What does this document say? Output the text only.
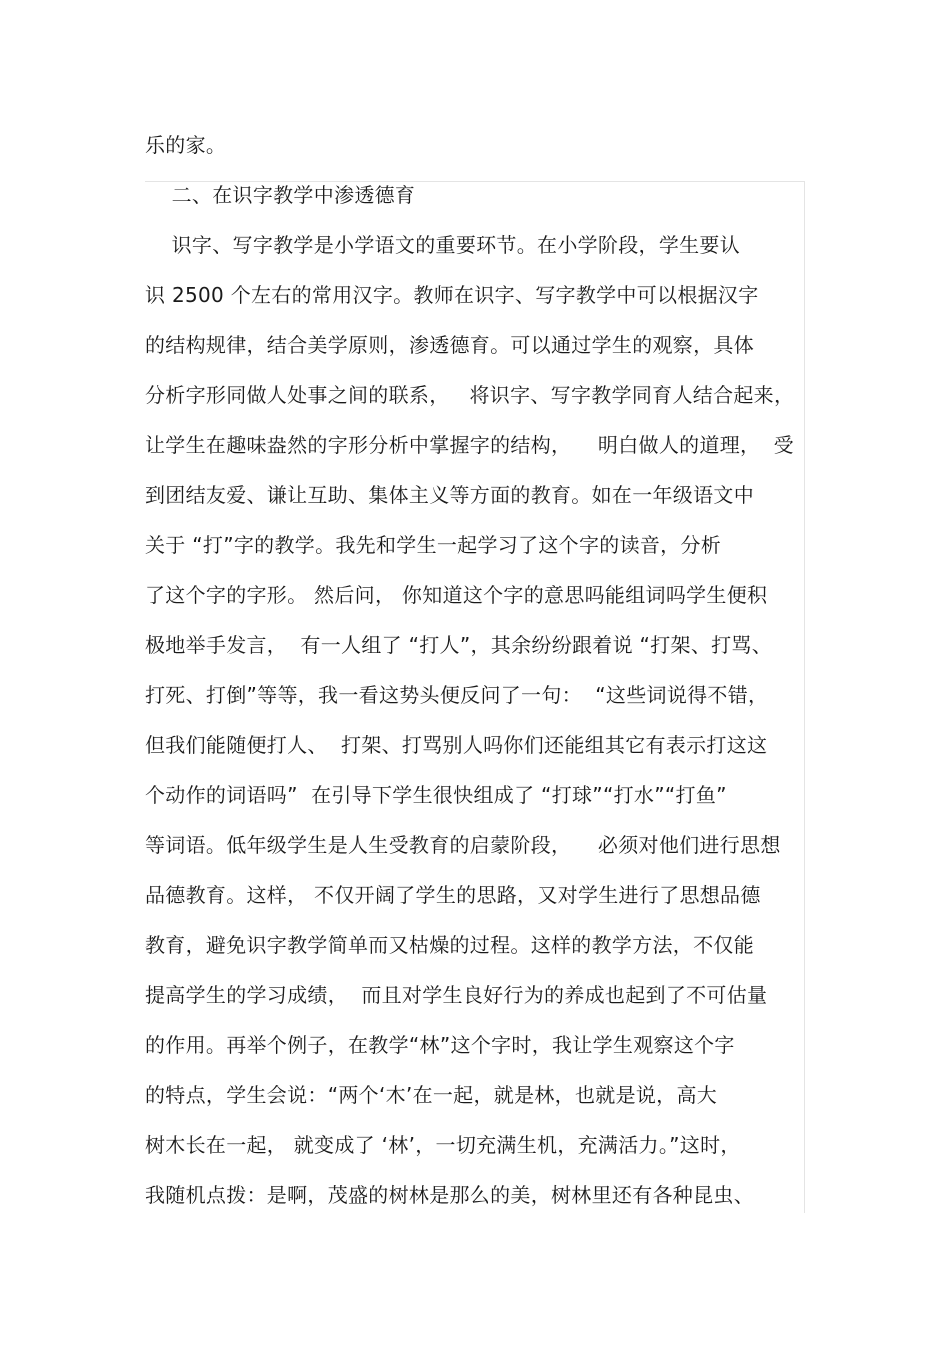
乐的家。
二、在识字教学中渗透德育
识字、写字教学是小学语文的重要环节。在小学阶段，学生要认
识 2500 个左右的常用汉字。教师在识字、写字教学中可以根据汉字
的结构规律，结合美学原则，渗透德育。可以通过学生的观察，具体
分析字形同做人处事之间的联系，   将识字、写字教学同育人结合起来，
让学生在趣味盎然的字形分析中掌握字的结构，    明白做人的道理，  受
到团结友爱、谦让互助、集体主义等方面的教育。如在一年级语文中
关于 “打”字的教学。我先和学生一起学习了这个字的读音，分析
了这个字的字形。 然后问， 你知道这个字的意思吗能组词吗学生便积
极地举手发言，  有一人组了 “打人”，其余纷纷跟着说 “打架、打骂、
打死、打倒”等等，我一看这势头便反问了一句：  “这些词说得不错，
但我们能随便打人、  打架、打骂别人吗你们还能组其它有表示打这这
个动作的词语吗”  在引导下学生很快组成了 “打球”“打水”“打鱼”
等词语。低年级学生是人生受教育的启蒙阶段，    必须对他们进行思想
品德教育。这样， 不仅开阔了学生的思路，又对学生进行了思想品德
教育，避免识字教学简单而又枯燥的过程。这样的教学方法，不仅能
提高学生的学习成绩，  而且对学生良好行为的养成也起到了不可估量
的作用。再举个例子，在教学“林”这个字时，我让学生观察这个字
的特点，学生会说：“两个‘木’在一起，就是林，也就是说，高大
树木长在一起， 就变成了 ‘林’，一切充满生机，充满活力。”这时，
我随机点拨：是啊，茂盛的树林是那么的美，树林里还有各种昆虫、
